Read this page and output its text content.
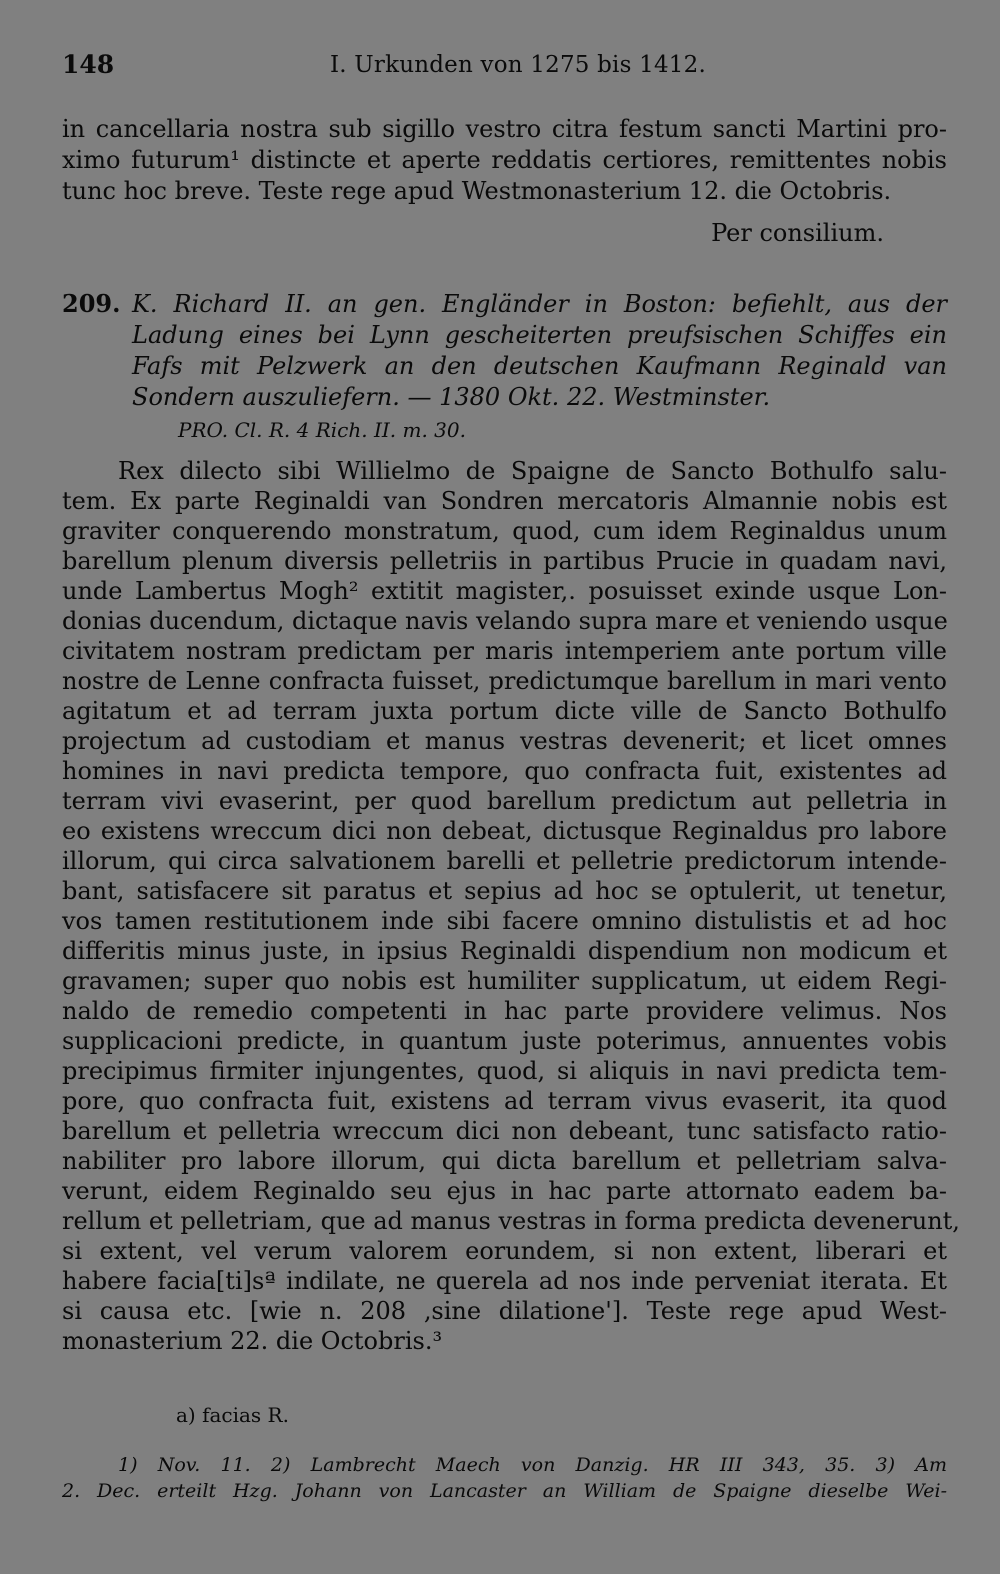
148	I. Urkunden von 1275 bis 1412.
in cancellaria nostra sub sigillo vestro citra festum sancti Martini pro-
ximo futurum¹ distincte et aperte reddatis certiores, remittentes nobis
tunc hoc breve. Teste rege apud Westmonasterium 12. die Octobris.
Per consilium.
209. K. Richard II. an gen. Engländer in Boston: befiehlt, aus der
Ladung eines bei Lynn gescheiterten preufsischen Schiffes ein
Fafs mit Pelzwerk an den deutschen Kaufmann Reginald van
Sondern auszuliefern. — 1380 Okt. 22. Westminster.
PRO. Cl. R. 4 Rich. II. m. 30.
Rex dilecto sibi Willielmo de Spaigne de Sancto Bothulfo salu-
tem. Ex parte Reginaldi van Sondren mercatoris Almannie nobis est
graviter conquerendo monstratum, quod, cum idem Reginaldus unum
barellum plenum diversis pelletriis in partibus Prucie in quadam navi,
unde Lambertus Mogh² extitit magister,. posuisset exinde usque Lon-
donias ducendum, dictaque navis velando supra mare et veniendo usque
civitatem nostram predictam per maris intemperiem ante portum ville
nostre de Lenne confracta fuisset, predictumque barellum in mari vento
agitatum et ad terram juxta portum dicte ville de Sancto Bothulfo
projectum ad custodiam et manus vestras devenerit; et licet omnes
homines in navi predicta tempore, quo confracta fuit, existentes ad
terram vivi evaserint, per quod barellum predictum aut pelletria in
eo existens wreccum dici non debeat, dictusque Reginaldus pro labore
illorum, qui circa salvationem barelli et pelletrie predictorum intende-
bant, satisfacere sit paratus et sepius ad hoc se optulerit, ut tenetur,
vos tamen restitutionem inde sibi facere omnino distulistis et ad hoc
differitis minus juste, in ipsius Reginaldi dispendium non modicum et
gravamen; super quo nobis est humiliter supplicatum, ut eidem Regi-
naldo de remedio competenti in hac parte providere velimus. Nos
supplicacioni predicte, in quantum juste poterimus, annuentes vobis
precipimus firmiter injungentes, quod, si aliquis in navi predicta tem-
pore, quo confracta fuit, existens ad terram vivus evaserit, ita quod
barellum et pelletria wreccum dici non debeant, tunc satisfacto ratio-
nabiliter pro labore illorum, qui dicta barellum et pelletriam salva-
verunt, eidem Reginaldo seu ejus in hac parte attornato eadem ba-
rellum et pelletriam, que ad manus vestras in forma predicta devenerunt,
si extent, vel verum valorem eorundem, si non extent, liberari et
habere facia[ti]sª indilate, ne querela ad nos inde perveniat iterata. Et
si causa etc. [wie n. 208 ‚sine dilatione']. Teste rege apud West-
monasterium 22. die Octobris.³
a) facias R.
1) Nov. 11. 2) Lambrecht Maech von Danzig. HR III 343, 35. 3) Am
2. Dec. erteilt Hzg. Johann von Lancaster an William de Spaigne dieselbe Wei-
